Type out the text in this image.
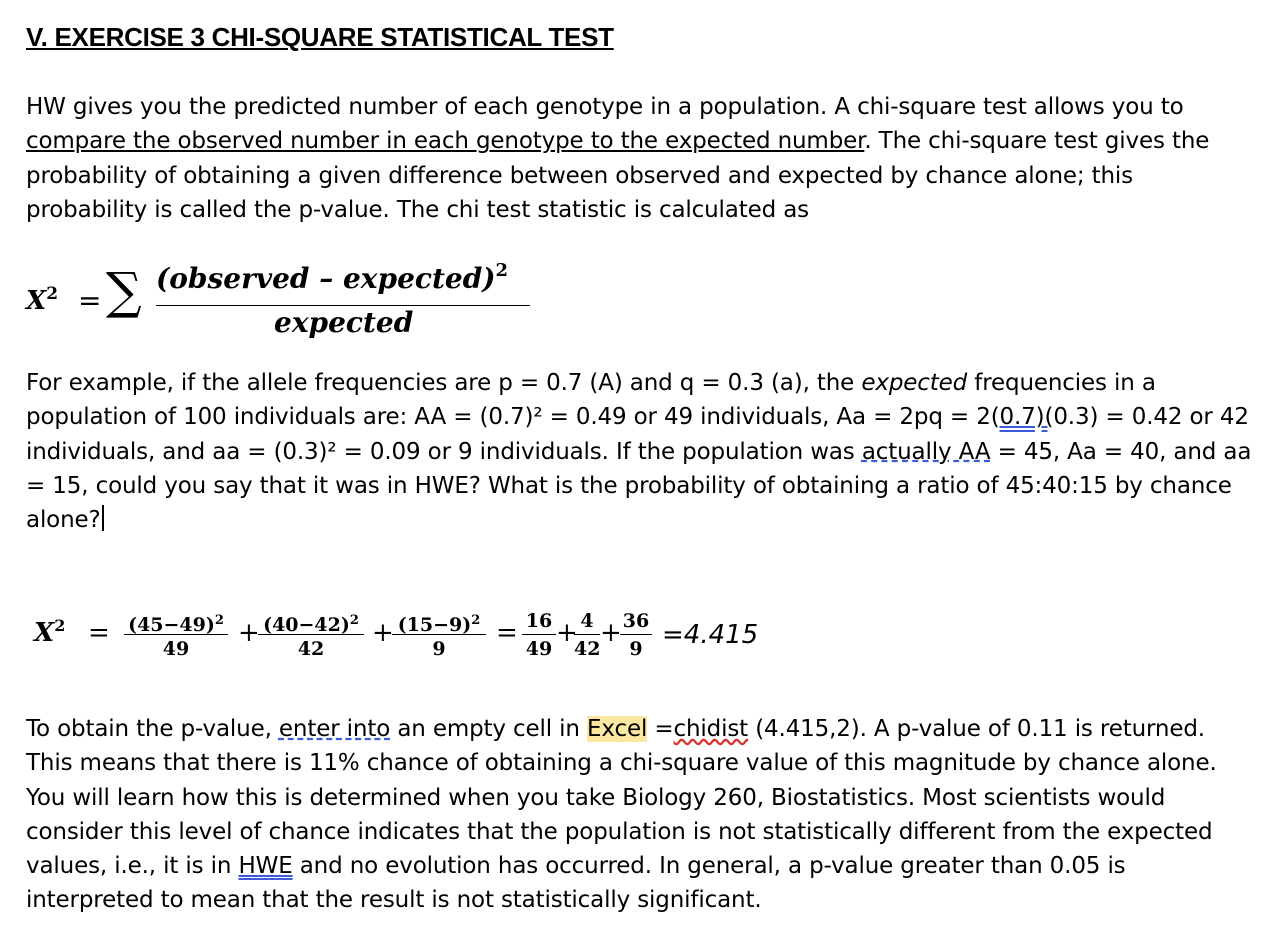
V. EXERCISE 3 CHI-SQUARE STATISTICAL TEST
HW gives you the predicted number of each genotype in a population. A chi-square test allows you to compare the observed number in each genotype to the expected number. The chi-square test gives the probability of obtaining a given difference between observed and expected by chance alone; this probability is called the p-value. The chi test statistic is calculated as
$X^2$ = ∑ (observed – expected)$^2$
expected
For example, if the allele frequencies are p = 0.7 (A) and q = 0.3 (a), the expected frequencies in a population of 100 individuals are: AA = (0.7)² = 0.49 or 49 individuals, Aa = 2pq = 2(0.7)(0.3) = 0.42 or 42 individuals, and aa = (0.3)² = 0.09 or 9 individuals. If the population was actually AA = 45, Aa = 40, and aa = 15, could you say that it was in HWE? What is the probability of obtaining a ratio of 45:40:15 by chance alone?
$X^2 = (45-49)^2$
49
+ $(40-42)^2$
42
+ $(15-9)^2$
9
= 16
49
+ 4
42
+ 36
9 =4.415
To obtain the p-value, enter into an empty cell in Excel =chidist (4.415,2). A p-value of 0.11 is returned. This means that there is 11% chance of obtaining a chi-square value of this magnitude by chance alone. You will learn how this is determined when you take Biology 260, Biostatistics. Most scientists would consider this level of chance indicates that the population is not statistically different from the expected values, i.e., it is in HWE and no evolution has occurred. In general, a p-value greater than 0.05 is interpreted to mean that the result is not statistically significant.
